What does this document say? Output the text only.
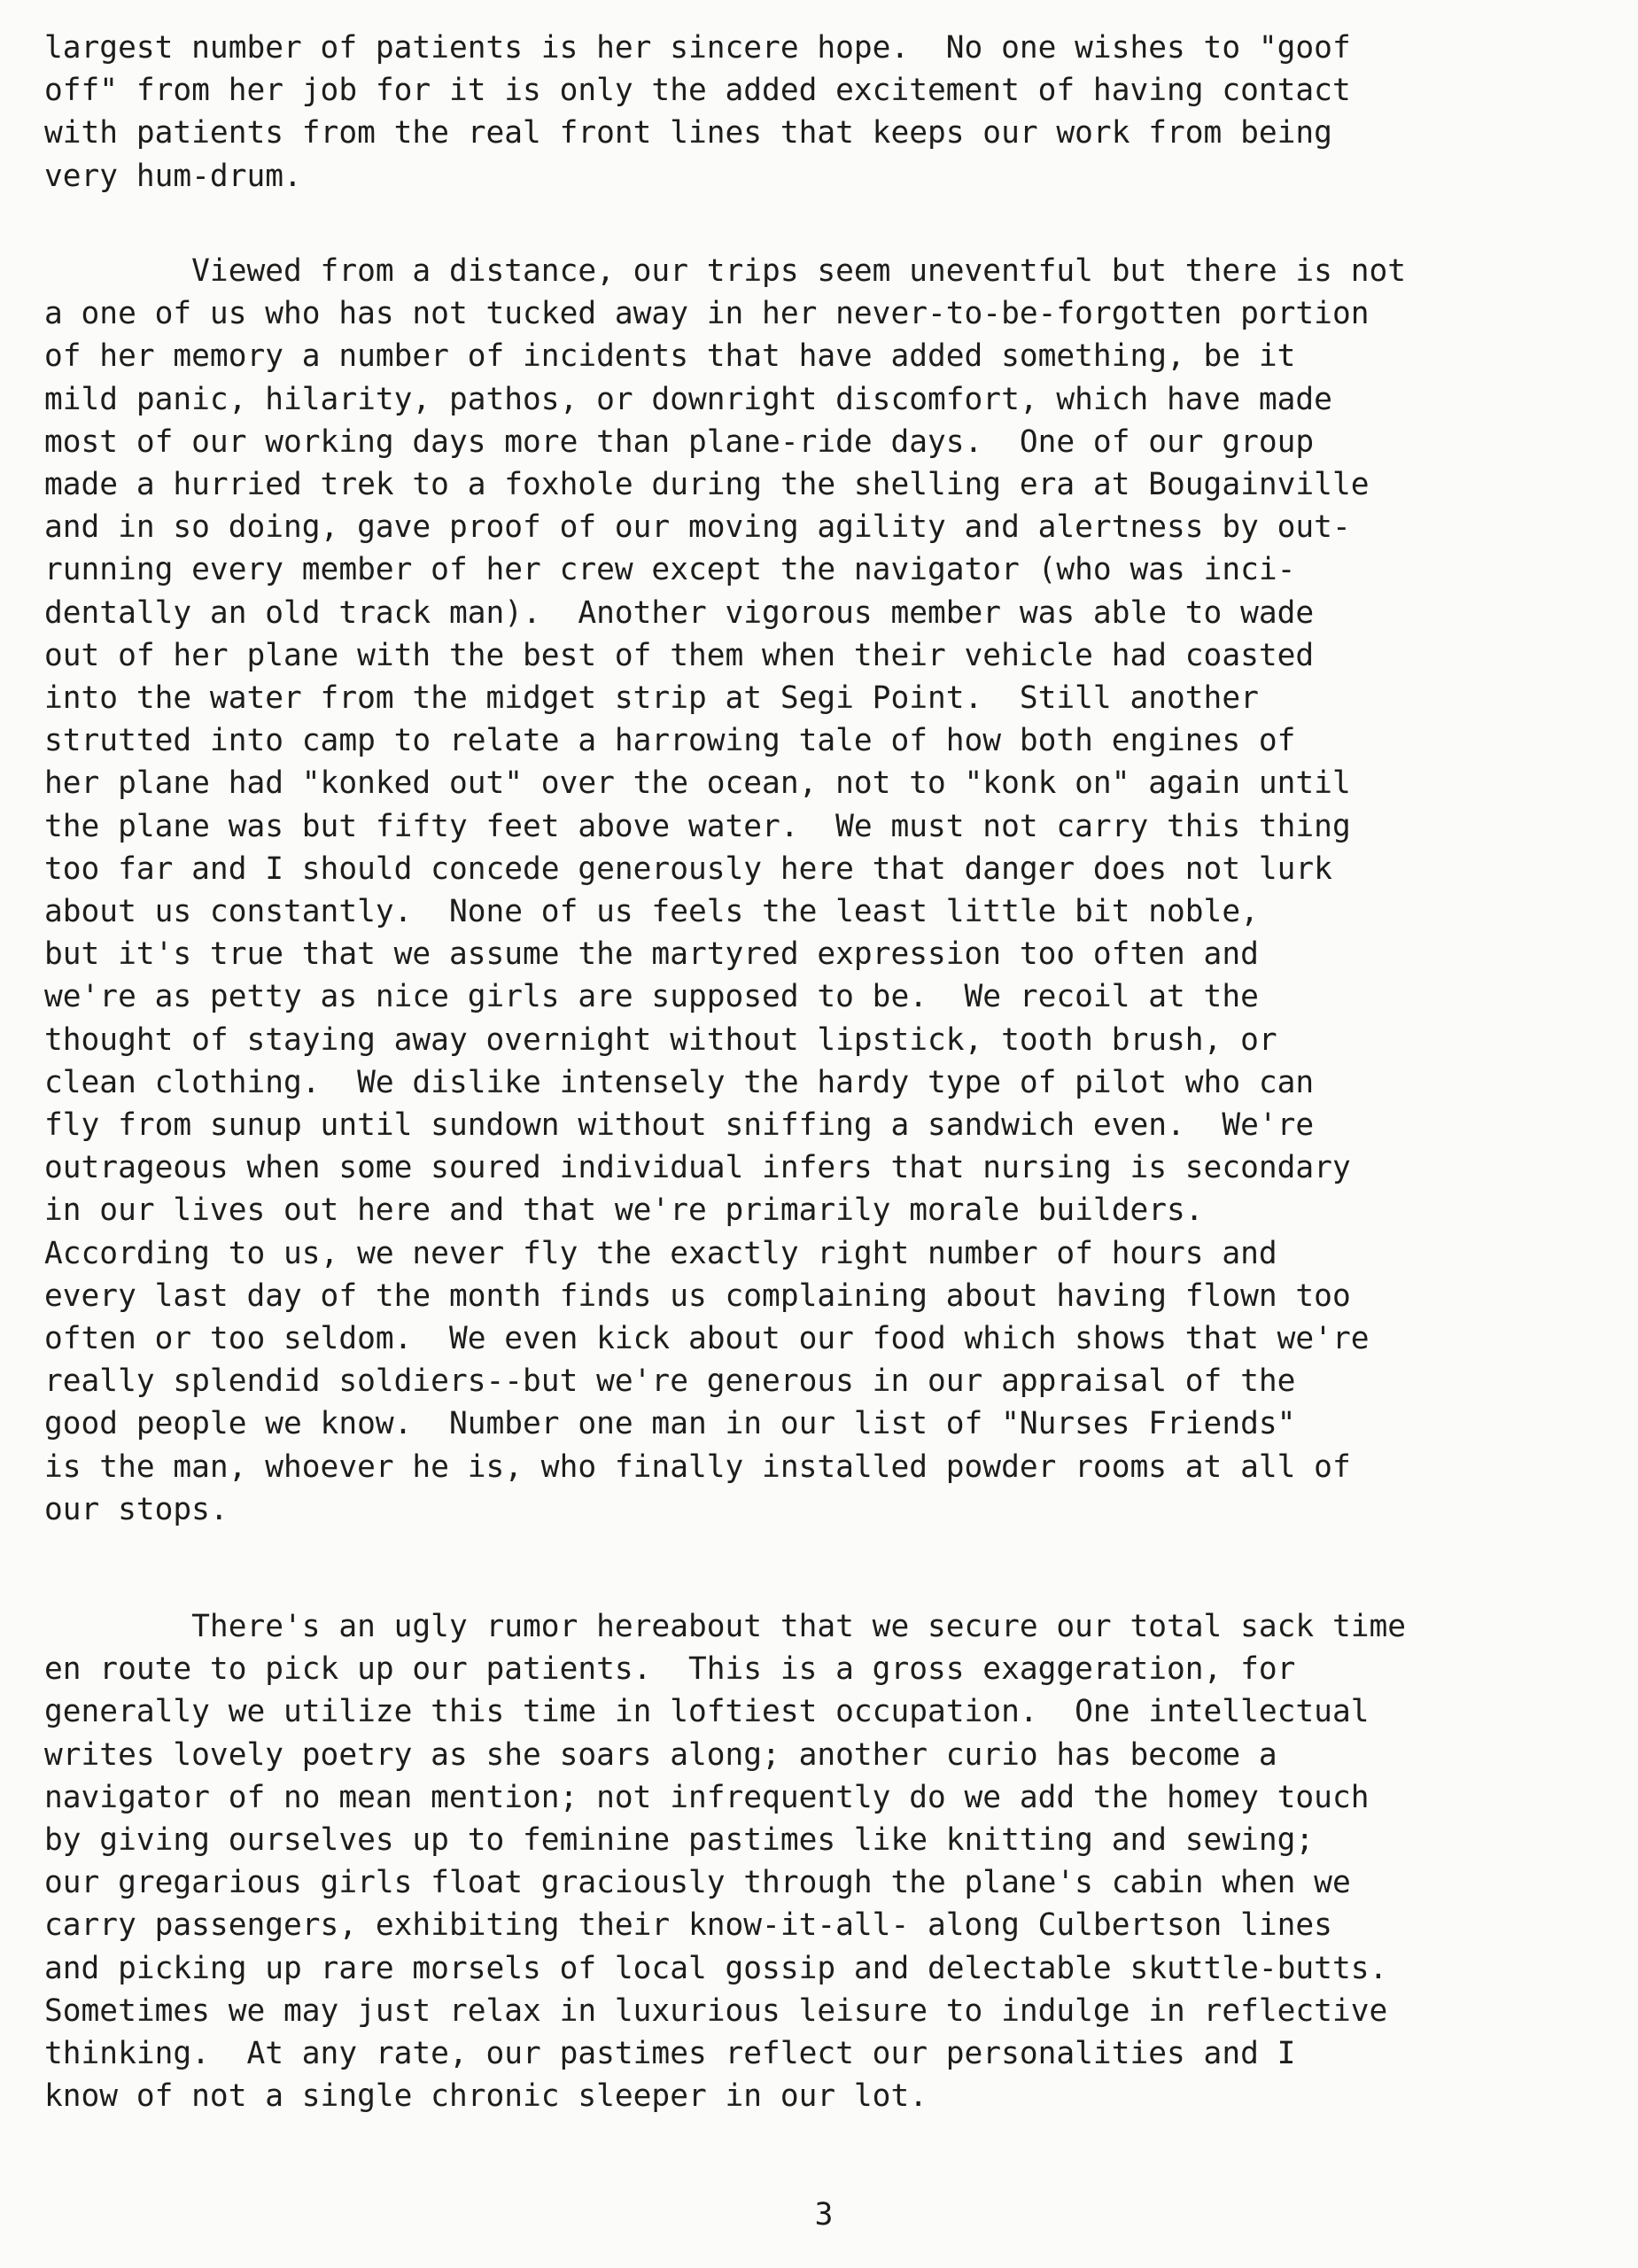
largest number of patients is her sincere hope.  No one wishes to "goof
off" from her job for it is only the added excitement of having contact
with patients from the real front lines that keeps our work from being
very hum-drum.
Viewed from a distance, our trips seem uneventful but there is not
a one of us who has not tucked away in her never-to-be-forgotten portion
of her memory a number of incidents that have added something, be it
mild panic, hilarity, pathos, or downright discomfort, which have made
most of our working days more than plane-ride days.  One of our group
made a hurried trek to a foxhole during the shelling era at Bougainville
and in so doing, gave proof of our moving agility and alertness by out-
running every member of her crew except the navigator (who was inci-
dentally an old track man).  Another vigorous member was able to wade
out of her plane with the best of them when their vehicle had coasted
into the water from the midget strip at Segi Point.  Still another
strutted into camp to relate a harrowing tale of how both engines of
her plane had "konked out" over the ocean, not to "konk on" again until
the plane was but fifty feet above water.  We must not carry this thing
too far and I should concede generously here that danger does not lurk
about us constantly.  None of us feels the least little bit noble,
but it's true that we assume the martyred expression too often and
we're as petty as nice girls are supposed to be.  We recoil at the
thought of staying away overnight without lipstick, tooth brush, or
clean clothing.  We dislike intensely the hardy type of pilot who can
fly from sunup until sundown without sniffing a sandwich even.  We're
outrageous when some soured individual infers that nursing is secondary
in our lives out here and that we're primarily morale builders.
According to us, we never fly the exactly right number of hours and
every last day of the month finds us complaining about having flown too
often or too seldom.  We even kick about our food which shows that we're
really splendid soldiers--but we're generous in our appraisal of the
good people we know.  Number one man in our list of "Nurses Friends"
is the man, whoever he is, who finally installed powder rooms at all of
our stops.
There's an ugly rumor hereabout that we secure our total sack time
en route to pick up our patients.  This is a gross exaggeration, for
generally we utilize this time in loftiest occupation.  One intellectual
writes lovely poetry as she soars along; another curio has become a
navigator of no mean mention; not infrequently do we add the homey touch
by giving ourselves up to feminine pastimes like knitting and sewing;
our gregarious girls float graciously through the plane's cabin when we
carry passengers, exhibiting their know-it-all- along Culbertson lines
and picking up rare morsels of local gossip and delectable skuttle-butts.
Sometimes we may just relax in luxurious leisure to indulge in reflective
thinking.  At any rate, our pastimes reflect our personalities and I
know of not a single chronic sleeper in our lot.
3
